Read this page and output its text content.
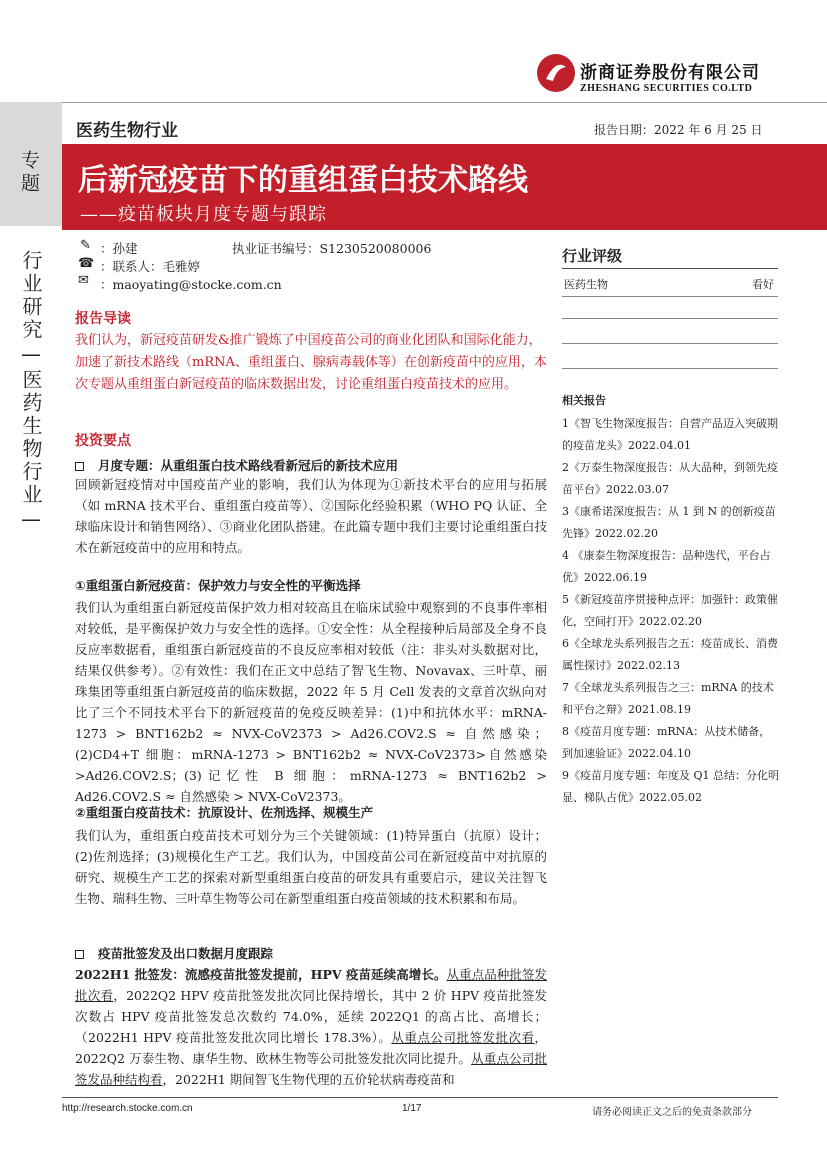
专题
行业研究—医药生物行业—
浙商证券股份有限公司
ZHESHANG SECURITIES CO.LTD
医药生物行业	报告日期：2022 年 6 月 25 日
后新冠疫苗下的重组蛋白技术路线
——疫苗板块月度专题与跟踪
✎ ：孙建	执业证书编号：S1230520080006
☎ ：联系人：毛雅婷
✉ ：maoyating@stocke.com.cn
行业评级
医药生物	看好
相关报告
1《智飞生物深度报告：自营产品迈入突破期的疫苗龙头》2022.04.01
2《万泰生物深度报告：从大品种，到领先疫苗平台》2022.03.07
3《康希诺深度报告：从 1 到 N 的创新疫苗先锋》2022.02.20
4 《康泰生物深度报告：品种迭代，平台占优》2022.06.19
5《新冠疫苗序贯接种点评：加强针：政策催化，空间打开》2022.02.20
6《全球龙头系列报告之五：疫苗成长、消费属性探讨》2022.02.13
7《全球龙头系列报告之三：mRNA 的技术和平台之辩》2021.08.19
8《疫苗月度专题：mRNA：从技术储备，到加速验证》2022.04.10
9《疫苗月度专题：年度及 Q1 总结：分化明显、梯队占优》2022.05.02
报告导读
我们认为，新冠疫苗研发&推广锻炼了中国疫苗公司的商业化团队和国际化能力，加速了新技术路线（mRNA、重组蛋白、腺病毒载体等）在创新疫苗中的应用，本次专题从重组蛋白新冠疫苗的临床数据出发，讨论重组蛋白疫苗技术的应用。
投资要点
月度专题：从重组蛋白技术路线看新冠后的新技术应用
回顾新冠疫情对中国疫苗产业的影响，我们认为体现为①新技术平台的应用与拓展（如 mRNA 技术平台、重组蛋白疫苗等）、②国际化经验积累（WHO PQ 认证、全球临床设计和销售网络）、③商业化团队搭建。在此篇专题中我们主要讨论重组蛋白技术在新冠疫苗中的应用和特点。
①重组蛋白新冠疫苗：保护效力与安全性的平衡选择
我们认为重组蛋白新冠疫苗保护效力相对较高且在临床试验中观察到的不良事件率相对较低，是平衡保护效力与安全性的选择。①安全性：从全程接种后局部及全身不良反应率数据看，重组蛋白新冠疫苗的不良反应率相对较低（注：非头对头数据对比，结果仅供参考）。②有效性：我们在正文中总结了智飞生物、Novavax、三叶草、丽珠集团等重组蛋白新冠疫苗的临床数据，2022 年 5 月 Cell 发表的文章首次纵向对比了三个不同技术平台下的新冠疫苗的免疫反映差异：(1)中和抗体水平：mRNA-1273 > BNT162b2 ≈ NVX-CoV2373 > Ad26.COV2.S ≈ 自然感染；(2)CD4+T 细胞：mRNA-1273 > BNT162b2 ≈ NVX-CoV2373>自然感染>Ad26.COV2.S；(3)记忆性 B 细胞：mRNA-1273 ≈ BNT162b2 > Ad26.COV2.S ≈ 自然感染 > NVX-CoV2373。
②重组蛋白疫苗技术：抗原设计、佐剂选择、规模生产
我们认为，重组蛋白疫苗技术可划分为三个关键领域：(1)特异蛋白（抗原）设计；(2)佐剂选择；(3)规模化生产工艺。我们认为，中国疫苗公司在新冠疫苗中对抗原的研究、规模生产工艺的探索对新型重组蛋白疫苗的研发具有重要启示，建议关注智飞生物、瑞科生物、三叶草生物等公司在新型重组蛋白疫苗领域的技术积累和布局。
疫苗批签发及出口数据月度跟踪
2022H1 批签发：流感疫苗批签发提前，HPV 疫苗延续高增长。从重点品种批签发批次看，2022Q2 HPV 疫苗批签发批次同比保持增长，其中 2 价 HPV 疫苗批签发次数占 HPV 疫苗批签发总次数约 74.0%，延续 2022Q1 的高占比、高增长；（2022H1 HPV 疫苗批签发批次同比增长 178.3%）。从重点公司批签发批次看，2022Q2 万泰生物、康华生物、欧林生物等公司批签发批次同比提升。从重点公司批签发品种结构看，2022H1 期间智飞生物代理的五价轮状病毒疫苗和
http://research.stocke.com.cn	1/17	请务必阅读正文之后的免责条款部分
